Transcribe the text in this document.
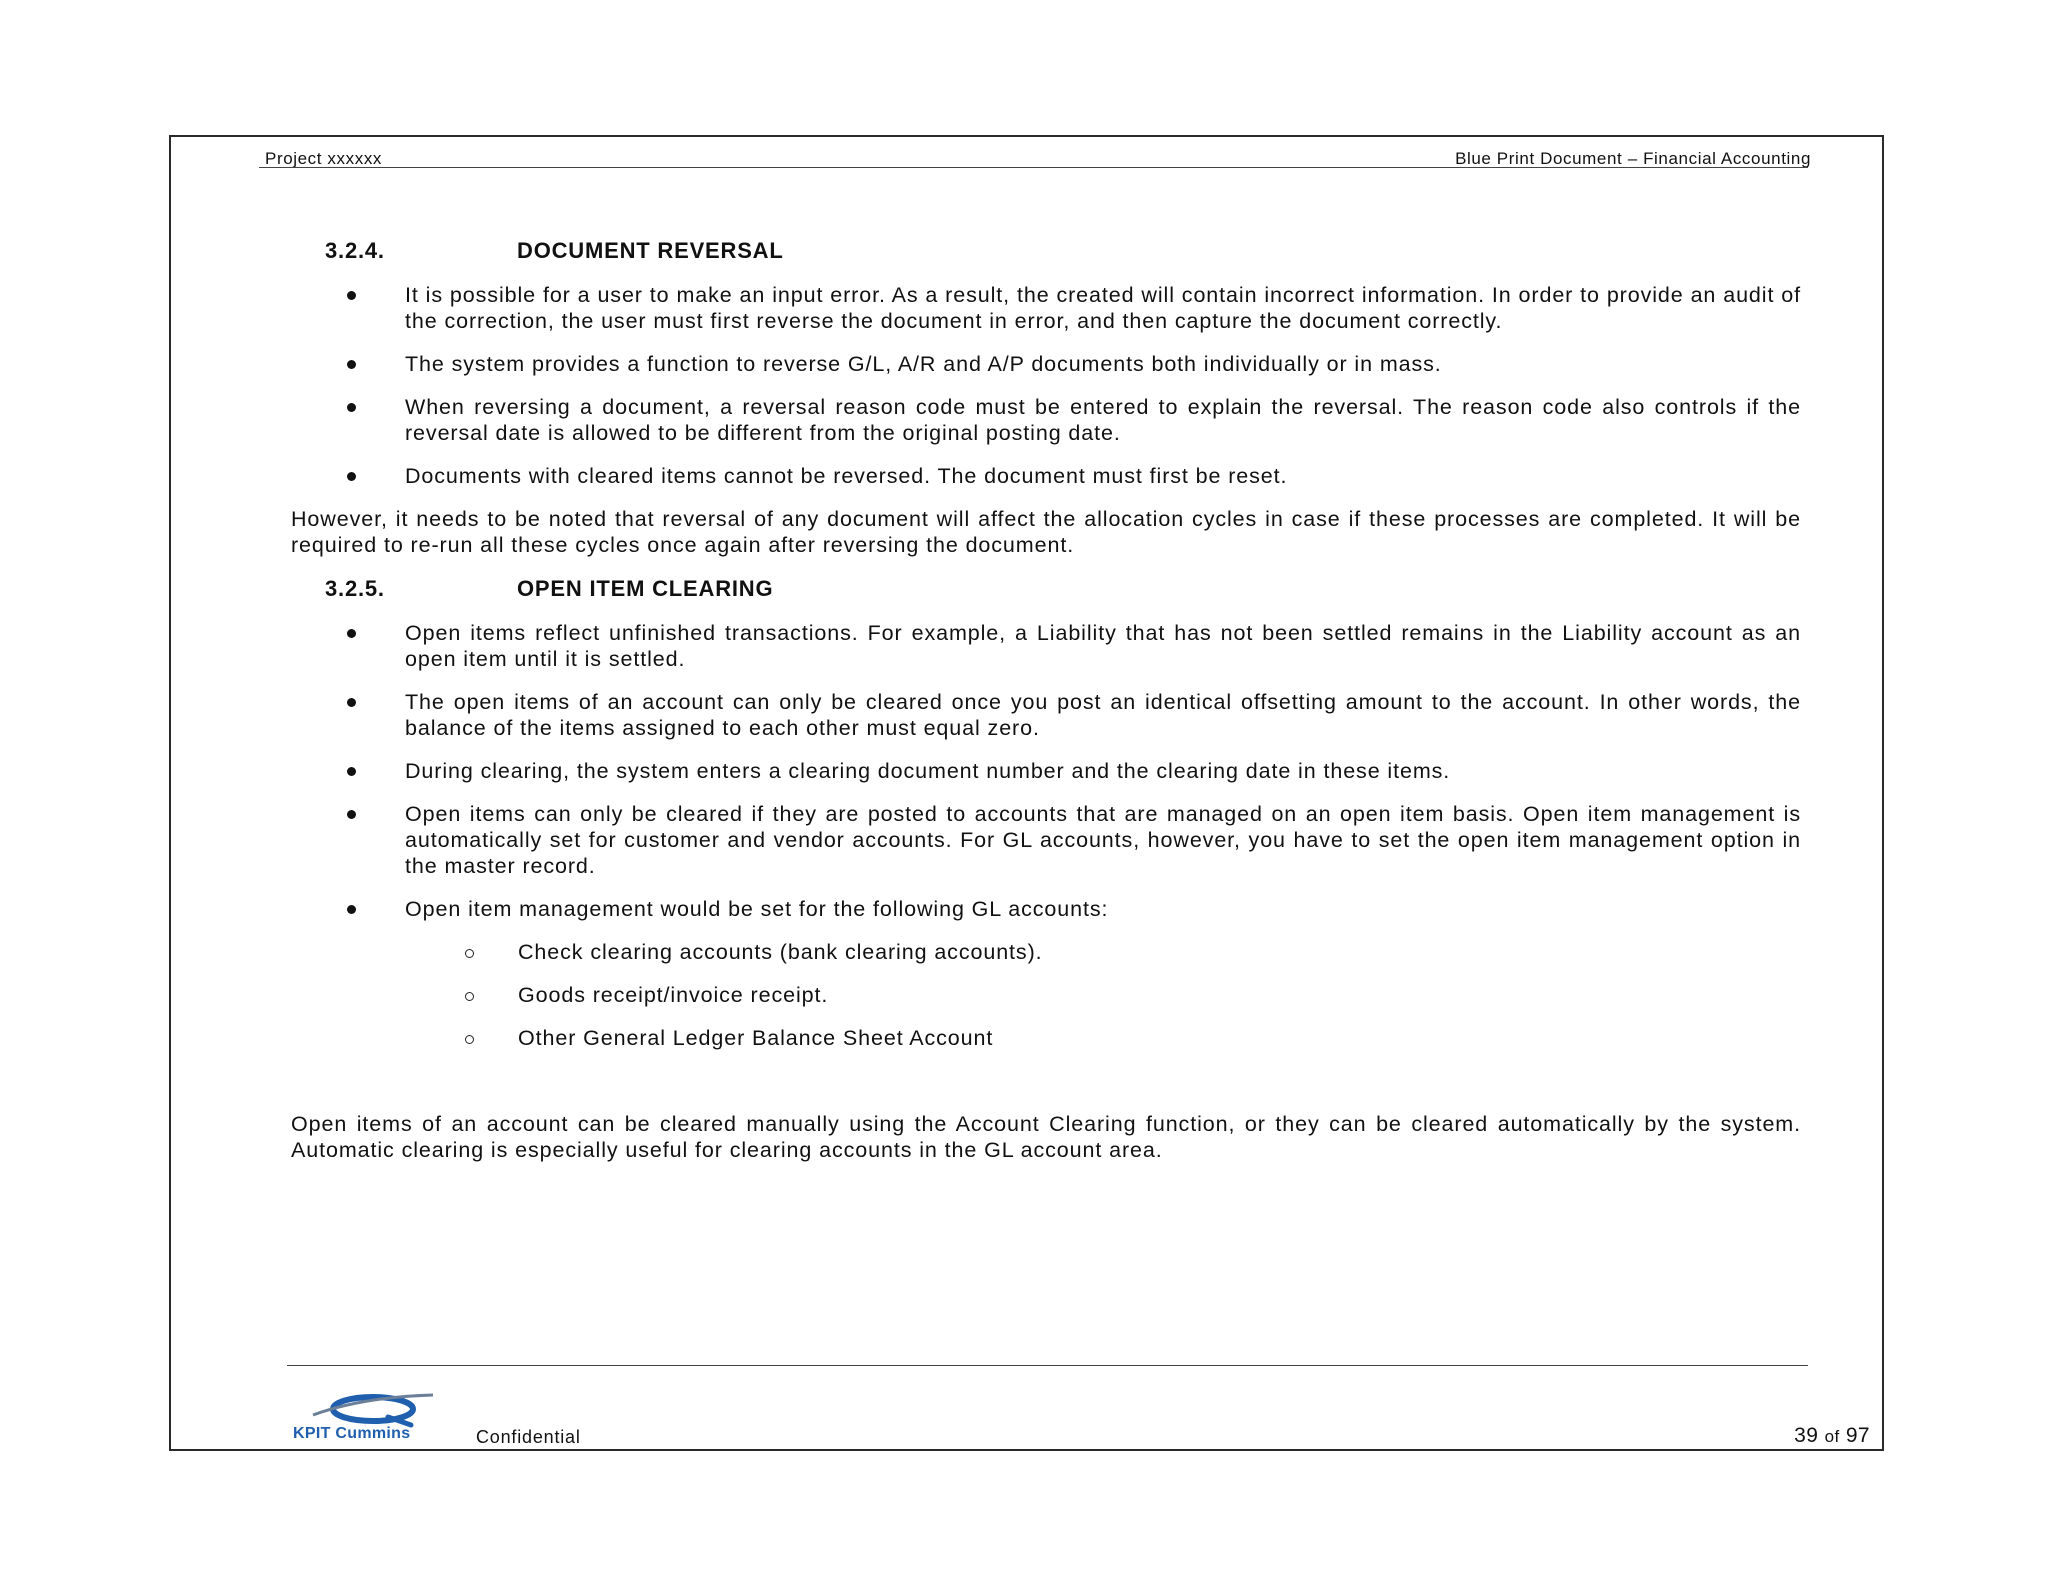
Project xxxxxx	Blue Print Document – Financial Accounting
3.2.4.	DOCUMENT REVERSAL
It is possible for a user to make an input error. As a result, the created will contain incorrect information. In order to provide an audit of the correction, the user must first reverse the document in error, and then capture the document correctly.
The system provides a function to reverse G/L, A/R and A/P documents both individually or in mass.
When reversing a document, a reversal reason code must be entered to explain the reversal. The reason code also controls if the reversal date is allowed to be different from the original posting date.
Documents with cleared items cannot be reversed. The document must first be reset.

However, it needs to be noted that reversal of any document will affect the allocation cycles in case if these processes are completed. It will be required to re-run all these cycles once again after reversing the document.

3.2.5.	OPEN ITEM CLEARING
Open items reflect unfinished transactions. For example, a Liability that has not been settled remains in the Liability account as an open item until it is settled.
The open items of an account can only be cleared once you post an identical offsetting amount to the account. In other words, the balance of the items assigned to each other must equal zero.
During clearing, the system enters a clearing document number and the clearing date in these items.
Open items can only be cleared if they are posted to accounts that are managed on an open item basis. Open item management is automatically set for customer and vendor accounts. For GL accounts, however, you have to set the open item management option in the master record.
Open item management would be set for the following GL accounts:
Check clearing accounts (bank clearing accounts).
Goods receipt/invoice receipt.
Other General Ledger Balance Sheet Account

Open items of an account can be cleared manually using the Account Clearing function, or they can be cleared automatically by the system. Automatic clearing is especially useful for clearing accounts in the GL account area.

KPIT Cummins	Confidential	39 of 97
